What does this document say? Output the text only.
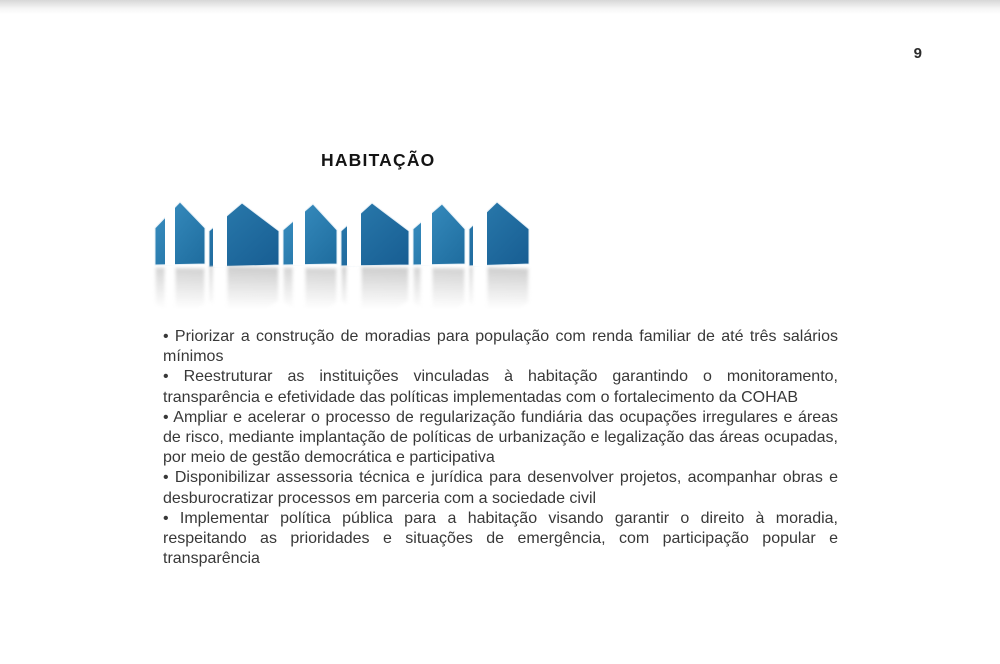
9
HABITAÇÃO

• Priorizar a construção de moradias para população com renda familiar de até três salários mínimos

• Reestruturar as instituições vinculadas à habitação garantindo o monitoramento, transparência e efetividade das políticas implementadas com o fortalecimento da COHAB

• Ampliar e acelerar o processo de regularização fundiária das ocupações irregulares e áreas de risco, mediante implantação de políticas de urbanização e legalização das áreas ocupadas, por meio de gestão democrática e participativa

• Disponibilizar assessoria técnica e jurídica para desenvolver projetos, acompanhar obras e desburocratizar processos em parceria com a sociedade civil

• Implementar política pública para a habitação visando garantir o direito à moradia, respeitando as prioridades e situações de emergência, com participação popular e transparência
